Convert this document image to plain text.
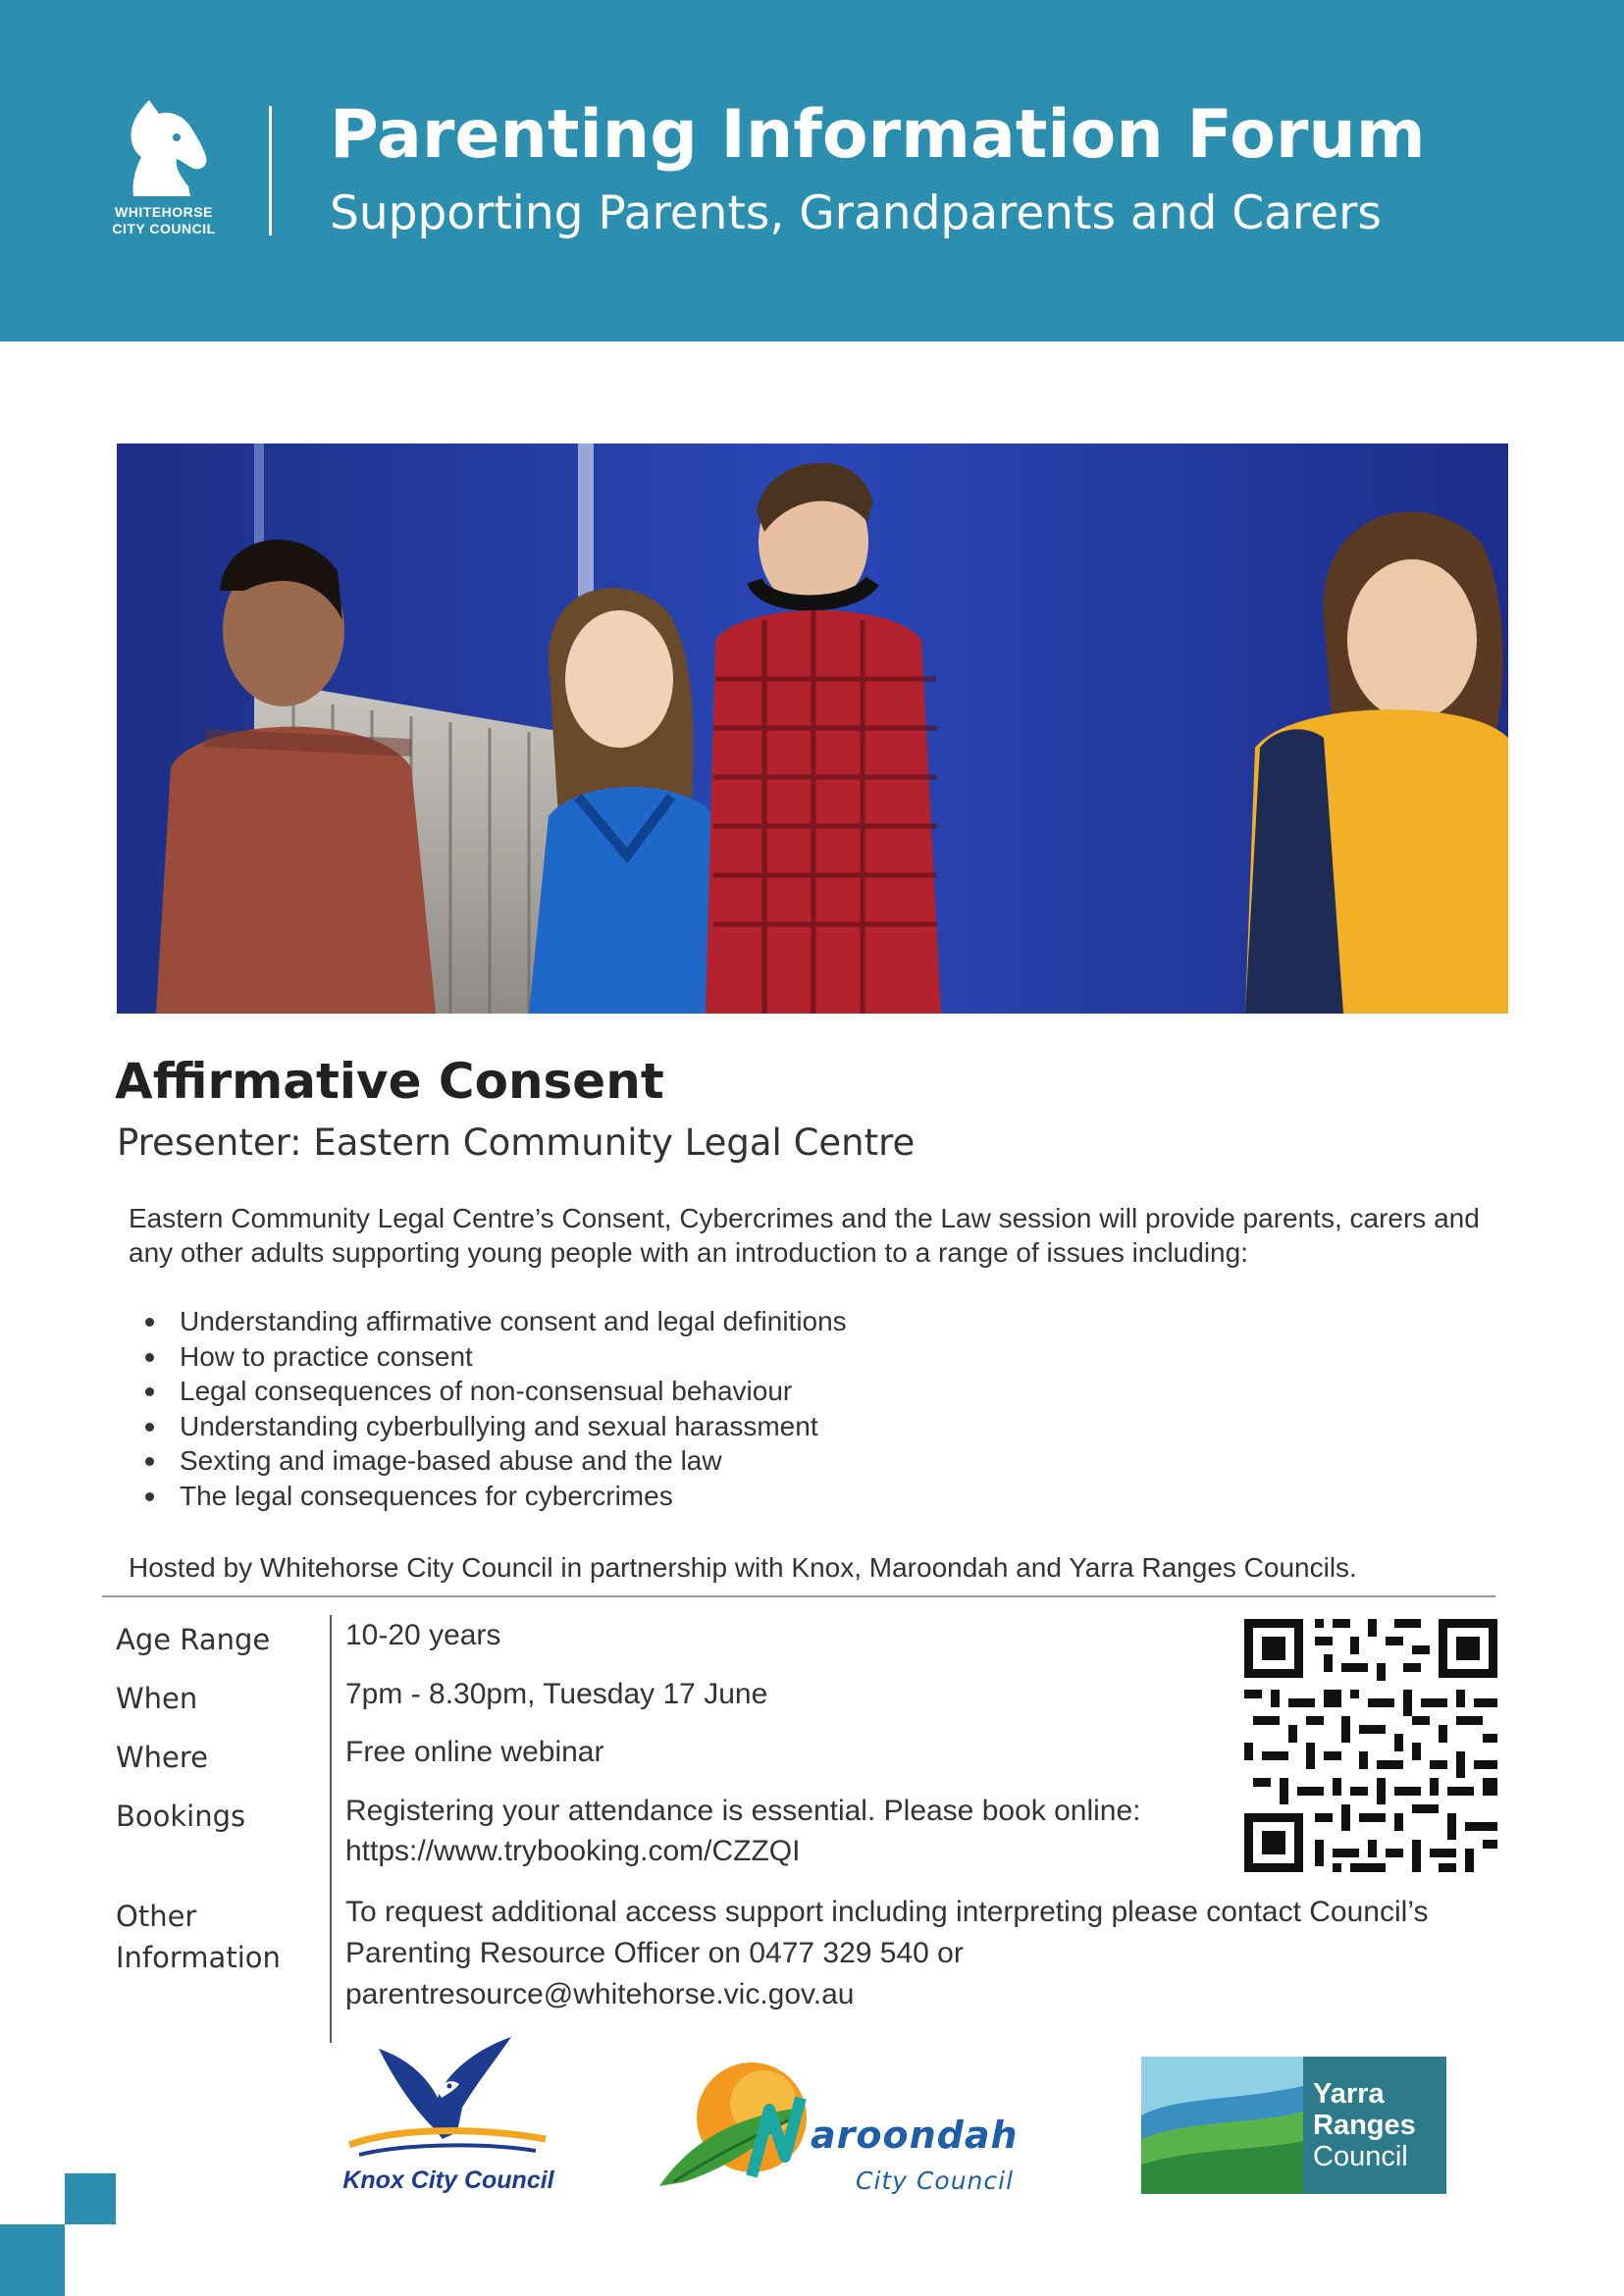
WHITEHORSE CITY COUNCIL
Parenting Information Forum
Supporting Parents, Grandparents and Carers
Affirmative Consent
Presenter: Eastern Community Legal Centre

Eastern Community Legal Centre’s Consent, Cybercrimes and the Law session will provide parents, carers and any other adults supporting young people with an introduction to a range of issues including:

Understanding affirmative consent and legal definitions
How to practice consent
Legal consequences of non-consensual behaviour
Understanding cyberbullying and sexual harassment
Sexting and image-based abuse and the law
The legal consequences for cybercrimes
Hosted by Whitehorse City Council in partnership with Knox, Maroondah and Yarra Ranges Councils.
Age Range
When
Where
Bookings
Other
Information
10-20 years
7pm - 8.30pm, Tuesday 17 June
Free online webinar
Registering your attendance is essential. Please book online:
https://www.trybooking.com/CZZQI
To request additional access support including interpreting please contact Council’s
Parenting Resource Officer on 0477 329 540 or
parentresource@whitehorse.vic.gov.au
Knox City Council
aroondah
City Council
Yarra
Ranges
Council
